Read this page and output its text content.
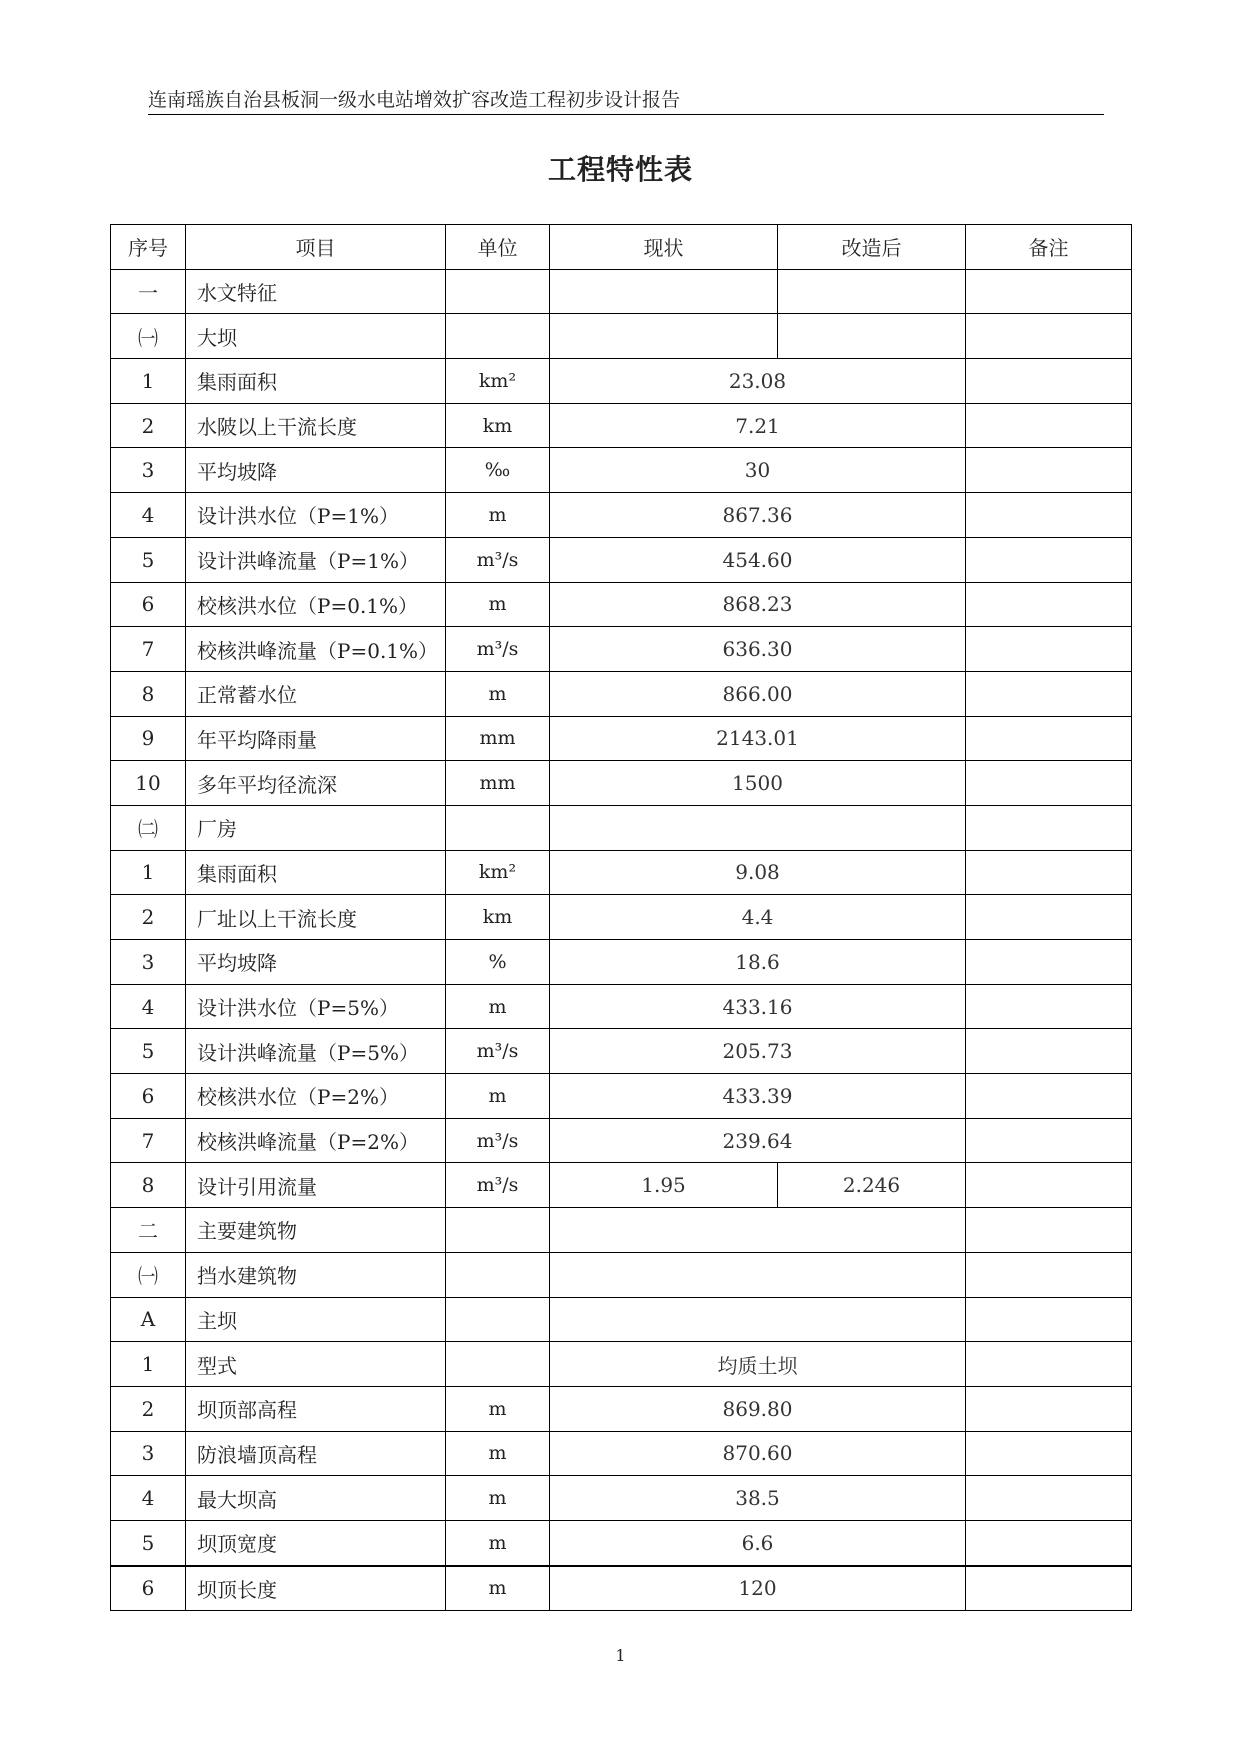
连南瑶族自治县板洞一级水电站增效扩容改造工程初步设计报告
工程特性表
序号	项目	单位	现状	改造后	备注
一	水文特征				
㈠	大坝				
1	集雨面积	km²	23.08		
2	水陂以上干流长度	km	7.21		
3	平均坡降	‰	30		
4	设计洪水位（P=1%）	m	867.36		
5	设计洪峰流量（P=1%）	m³/s	454.60		
6	校核洪水位（P=0.1%）	m	868.23		
7	校核洪峰流量（P=0.1%）	m³/s	636.30		
8	正常蓄水位	m	866.00		
9	年平均降雨量	mm	2143.01		
10	多年平均径流深	mm	1500		
㈡	厂房				
1	集雨面积	km²	9.08		
2	厂址以上干流长度	km	4.4		
3	平均坡降	%	18.6		
4	设计洪水位（P=5%）	m	433.16		
5	设计洪峰流量（P=5%）	m³/s	205.73		
6	校核洪水位（P=2%）	m	433.39		
7	校核洪峰流量（P=2%）	m³/s	239.64		
8	设计引用流量	m³/s	1.95	2.246	
二	主要建筑物				
㈠	挡水建筑物				
A	主坝				
1	型式		均质土坝		
2	坝顶部高程	m	869.80		
3	防浪墙顶高程	m	870.60		
4	最大坝高	m	38.5		
5	坝顶宽度	m	6.6		
6	坝顶长度	m	120		
1
